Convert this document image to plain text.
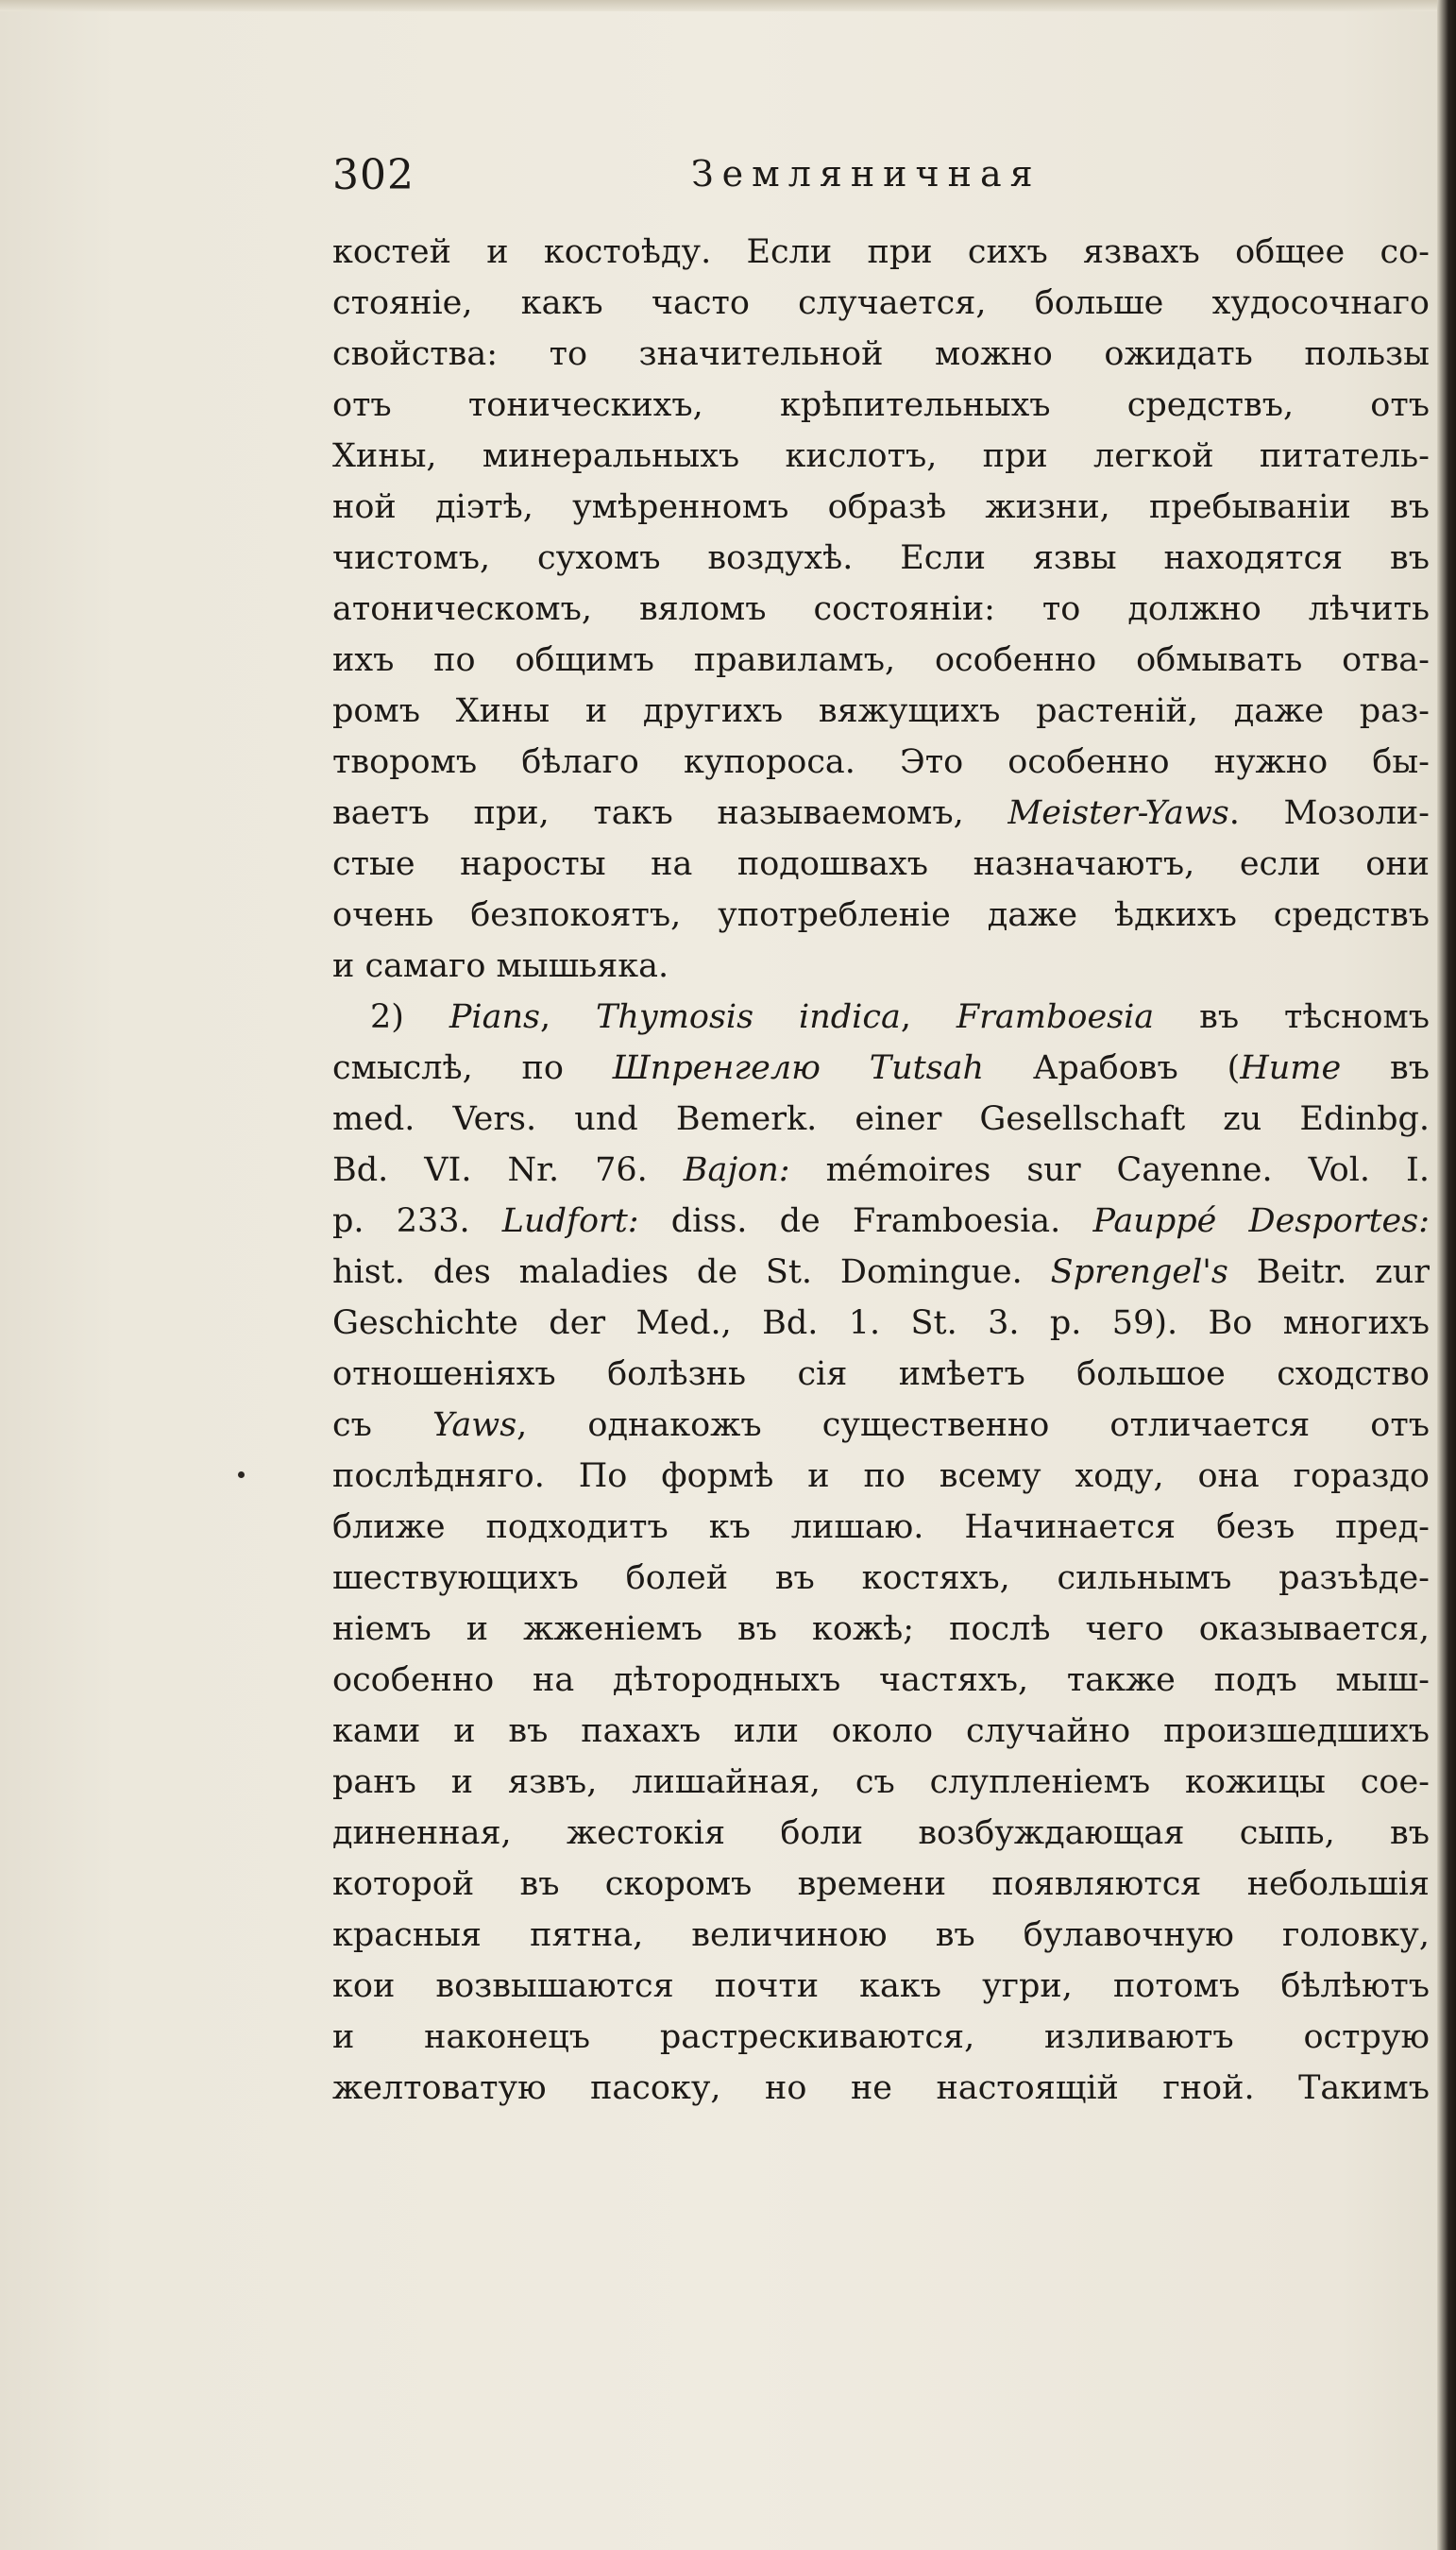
302	Земляничная
костей и костоѣду. Если при сихъ язвахъ общее со-
стояніе, какъ часто случается, больше худосочнаго
свойства: то значительной можно ожидать пользы
отъ тоническихъ, крѣпительныхъ средствъ, отъ
Хины, минеральныхъ кислотъ, при легкой питатель-
ной діэтѣ, умѣренномъ образѣ жизни, пребываніи въ
чистомъ, сухомъ воздухѣ. Если язвы находятся въ
атоническомъ, вяломъ состояніи: то должно лѣчить
ихъ по общимъ правиламъ, особенно обмывать отва-
ромъ Хины и другихъ вяжущихъ растеній, даже раз-
творомъ бѣлаго купороса. Это особенно нужно бы-
ваетъ при, такъ называемомъ, Meister-Yaws. Мозоли-
стые наросты на подошвахъ назначаютъ, если они
очень безпокоятъ, употребленіе даже ѣдкихъ средствъ
и самаго мышьяка.
2) Pians, Thymosis indica, Framboesia въ тѣсномъ
смыслѣ, по Шпренгелю Tutsah Арабовъ (Hume въ
med. Vers. und Bemerk. einer Gesellschaft zu Edinbg.
Bd. VI. Nr. 76. Bajon: mémoires sur Cayenne. Vol. I.
p. 233. Ludfort: diss. de Framboesia. Pauppé Desportes:
hist. des maladies de St. Domingue. Sprengel's Beitr. zur
Geschichte der Med., Bd. 1. St. 3. p. 59). Во многихъ
отношеніяхъ болѣзнь сія имѣетъ большое сходство
съ Yaws, однакожъ существенно отличается отъ
послѣдняго. По формѣ и по всему ходу, она гораздо
ближе подходитъ къ лишаю. Начинается безъ пред-
шествующихъ болей въ костяхъ, сильнымъ разъѣде-
ніемъ и жженіемъ въ кожѣ; послѣ чего оказывается,
особенно на дѣторoдныхъ частяхъ, также подъ мыш-
ками и въ пахахъ или около случайно произшедшихъ
ранъ и язвъ, лишайная, съ слупленіемъ кожицы сое-
диненная, жестокія боли возбуждающая сыпь, въ
которой въ скоромъ времени появляются небольшія
красныя пятна, величиною въ булавочную головку,
кои возвышаются почти какъ угри, потомъ бѣлѣютъ
и наконецъ растрескиваются, изливаютъ острую
желтоватую пасоку, но не настоящій гной. Такимъ
